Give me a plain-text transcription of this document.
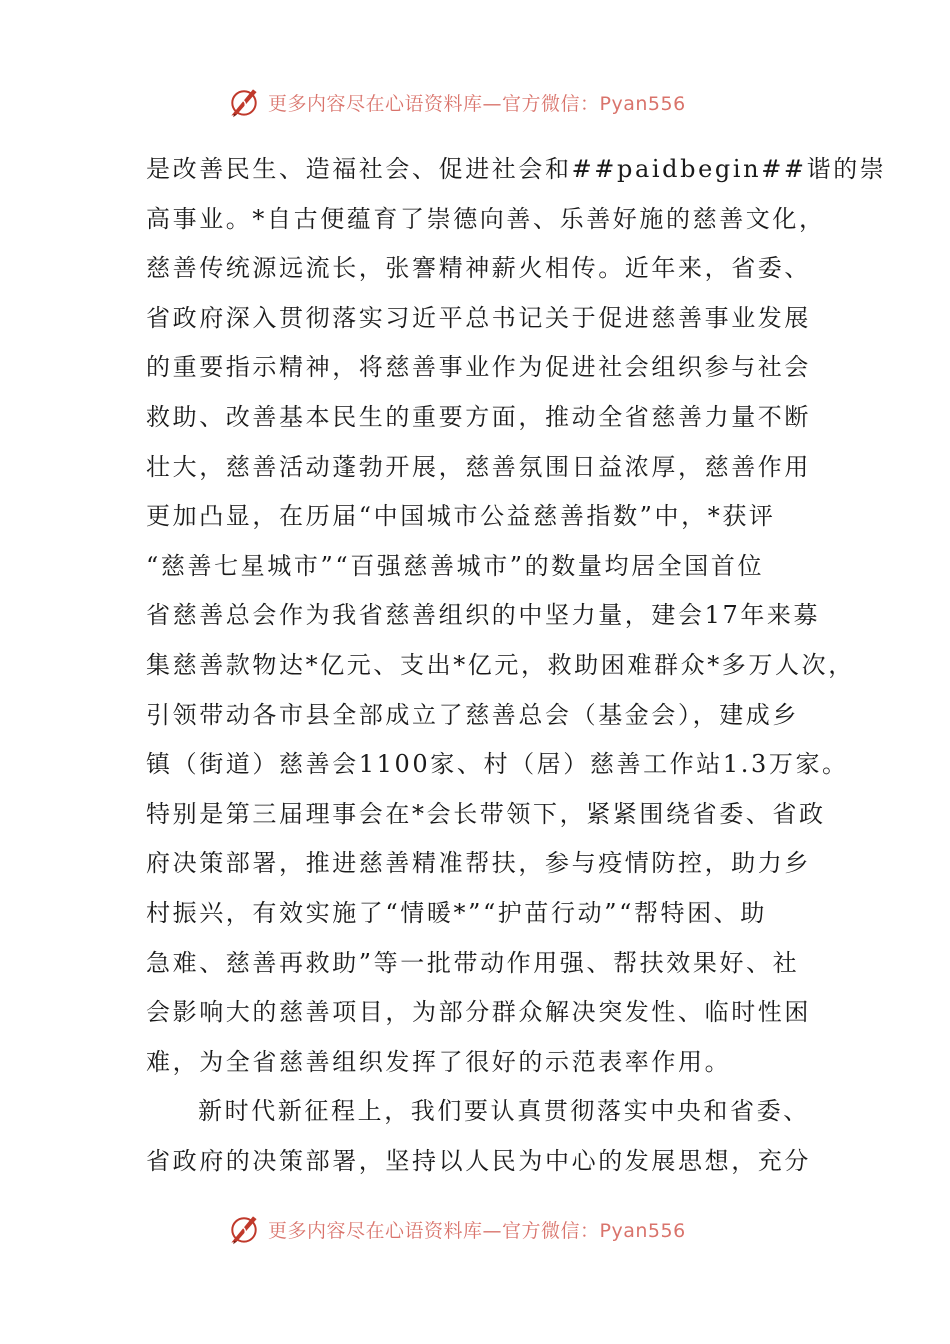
更多内容尽在心语资料库—官方微信：Pyan556
是改善民生、造福社会、促进社会和##paidbegin##谐的崇
高事业。*自古便蕴育了崇德向善、乐善好施的慈善文化，
慈善传统源远流长，张謇精神薪火相传。近年来，省委、
省政府深入贯彻落实习近平总书记关于促进慈善事业发展
的重要指示精神，将慈善事业作为促进社会组织参与社会
救助、改善基本民生的重要方面，推动全省慈善力量不断
壮大，慈善活动蓬勃开展，慈善氛围日益浓厚，慈善作用
更加凸显，在历届“中国城市公益慈善指数”中，*获评
“慈善七星城市”“百强慈善城市”的数量均居全国首位
省慈善总会作为我省慈善组织的中坚力量，建会17年来募
集慈善款物达*亿元、支出*亿元，救助困难群众*多万人次，
引领带动各市县全部成立了慈善总会（基金会），建成乡
镇（街道）慈善会1100家、村（居）慈善工作站1.3万家。
特别是第三届理事会在*会长带领下，紧紧围绕省委、省政
府决策部署，推进慈善精准帮扶，参与疫情防控，助力乡
村振兴，有效实施了“情暖*”“护苗行动”“帮特困、助
急难、慈善再救助”等一批带动作用强、帮扶效果好、社
会影响大的慈善项目，为部分群众解决突发性、临时性困
难，为全省慈善组织发挥了很好的示范表率作用。
新时代新征程上，我们要认真贯彻落实中央和省委、
省政府的决策部署，坚持以人民为中心的发展思想，充分
更多内容尽在心语资料库—官方微信：Pyan556
